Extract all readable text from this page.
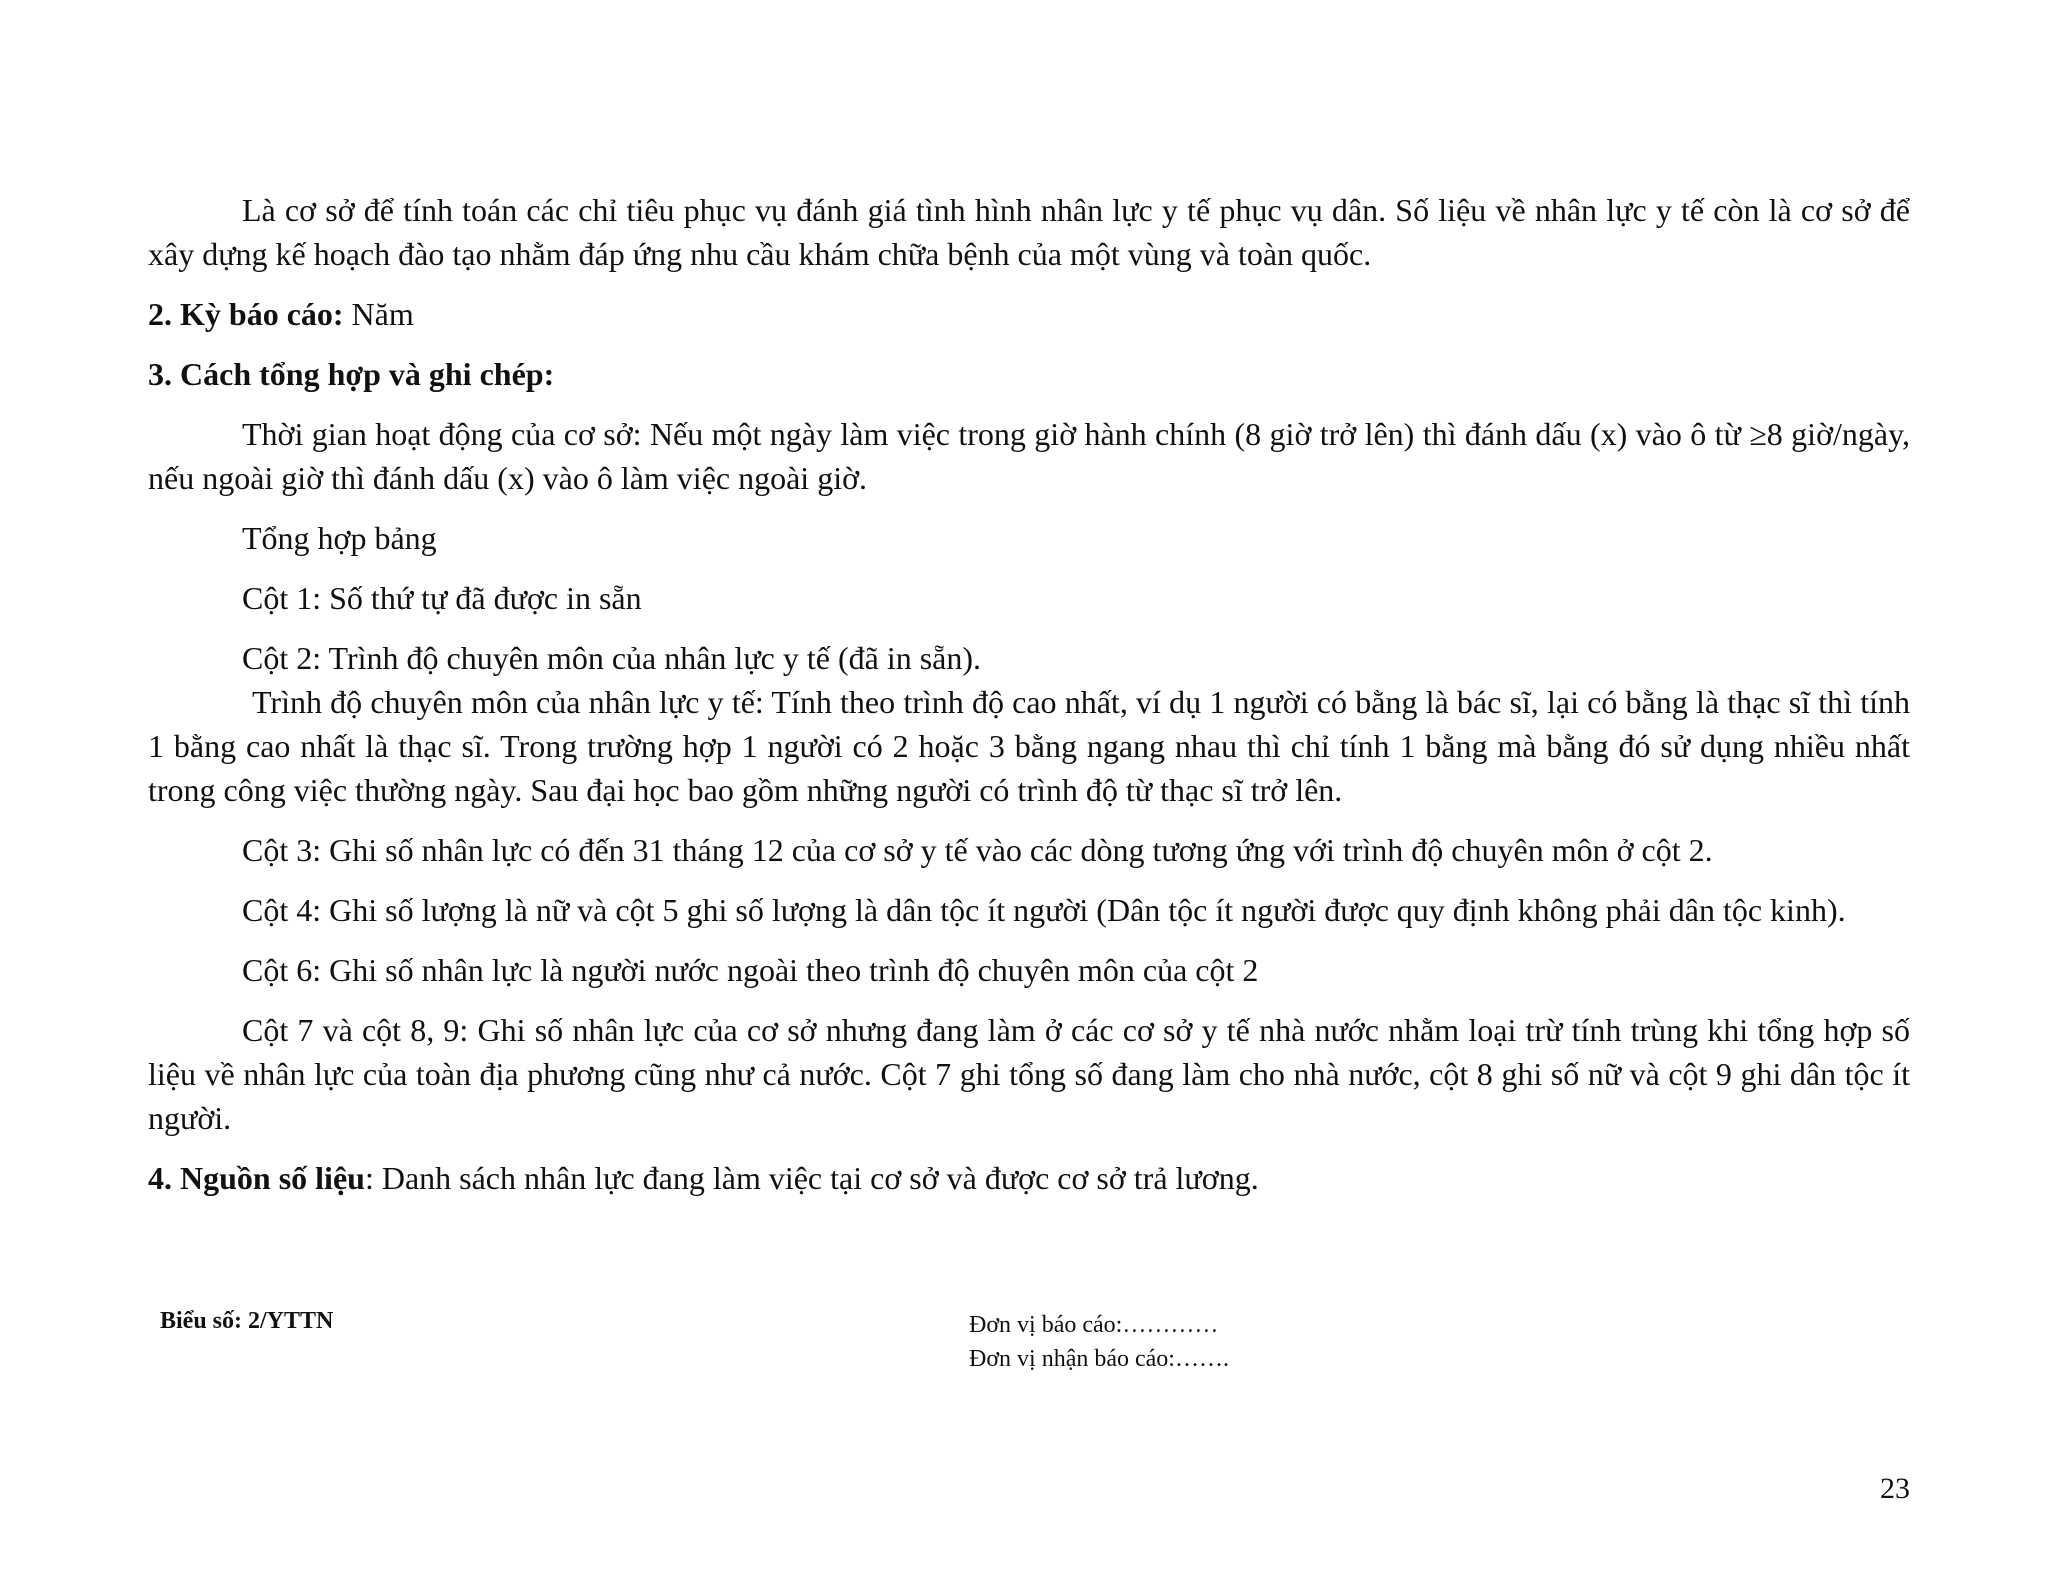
Là cơ sở để tính toán các chỉ tiêu phục vụ đánh giá tình hình nhân lực y tế phục vụ dân. Số liệu về nhân lực y tế còn là cơ sở để xây dựng kế hoạch đào tạo nhằm đáp ứng nhu cầu khám chữa bệnh của một vùng và toàn quốc.

2. Kỳ báo cáo: Năm

3. Cách tổng hợp và ghi chép:

Thời gian hoạt động của cơ sở: Nếu một ngày làm việc trong giờ hành chính (8 giờ trở lên) thì đánh dấu (x) vào ô từ ≥8 giờ/ngày, nếu ngoài giờ thì đánh dấu (x) vào ô làm việc ngoài giờ.

Tổng hợp bảng

Cột 1: Số thứ tự đã được in sẵn

Cột 2: Trình độ chuyên môn của nhân lực y tế (đã in sẵn).

Trình độ chuyên môn của nhân lực y tế: Tính theo trình độ cao nhất, ví dụ 1 người có bằng là bác sĩ, lại có bằng là thạc sĩ thì tính 1 bằng cao nhất là thạc sĩ. Trong trường hợp 1 người có 2 hoặc 3 bằng ngang nhau thì chỉ tính 1 bằng mà bằng đó sử dụng nhiều nhất trong công việc thường ngày. Sau đại học bao gồm những người có trình độ từ thạc sĩ trở lên.

Cột 3: Ghi số nhân lực có đến 31 tháng 12 của cơ sở y tế vào các dòng tương ứng với trình độ chuyên môn ở cột 2.

Cột 4: Ghi số lượng là nữ và cột 5 ghi số lượng là dân tộc ít người (Dân tộc ít người được quy định không phải dân tộc kinh).

Cột 6: Ghi số nhân lực là người nước ngoài theo trình độ chuyên môn của cột 2

Cột 7 và cột 8, 9: Ghi số nhân lực của cơ sở nhưng đang làm ở các cơ sở y tế nhà nước nhằm loại trừ tính trùng khi tổng hợp số liệu về nhân lực của toàn địa phương cũng như cả nước. Cột 7 ghi tổng số đang làm cho nhà nước, cột 8 ghi số nữ và cột 9 ghi dân tộc ít người.

4. Nguồn số liệu: Danh sách nhân lực đang làm việc tại cơ sở và được cơ sở trả lương.

Biểu số: 2/YTTN	Đơn vị báo cáo:…………
Đơn vị nhận báo cáo:…….
23
